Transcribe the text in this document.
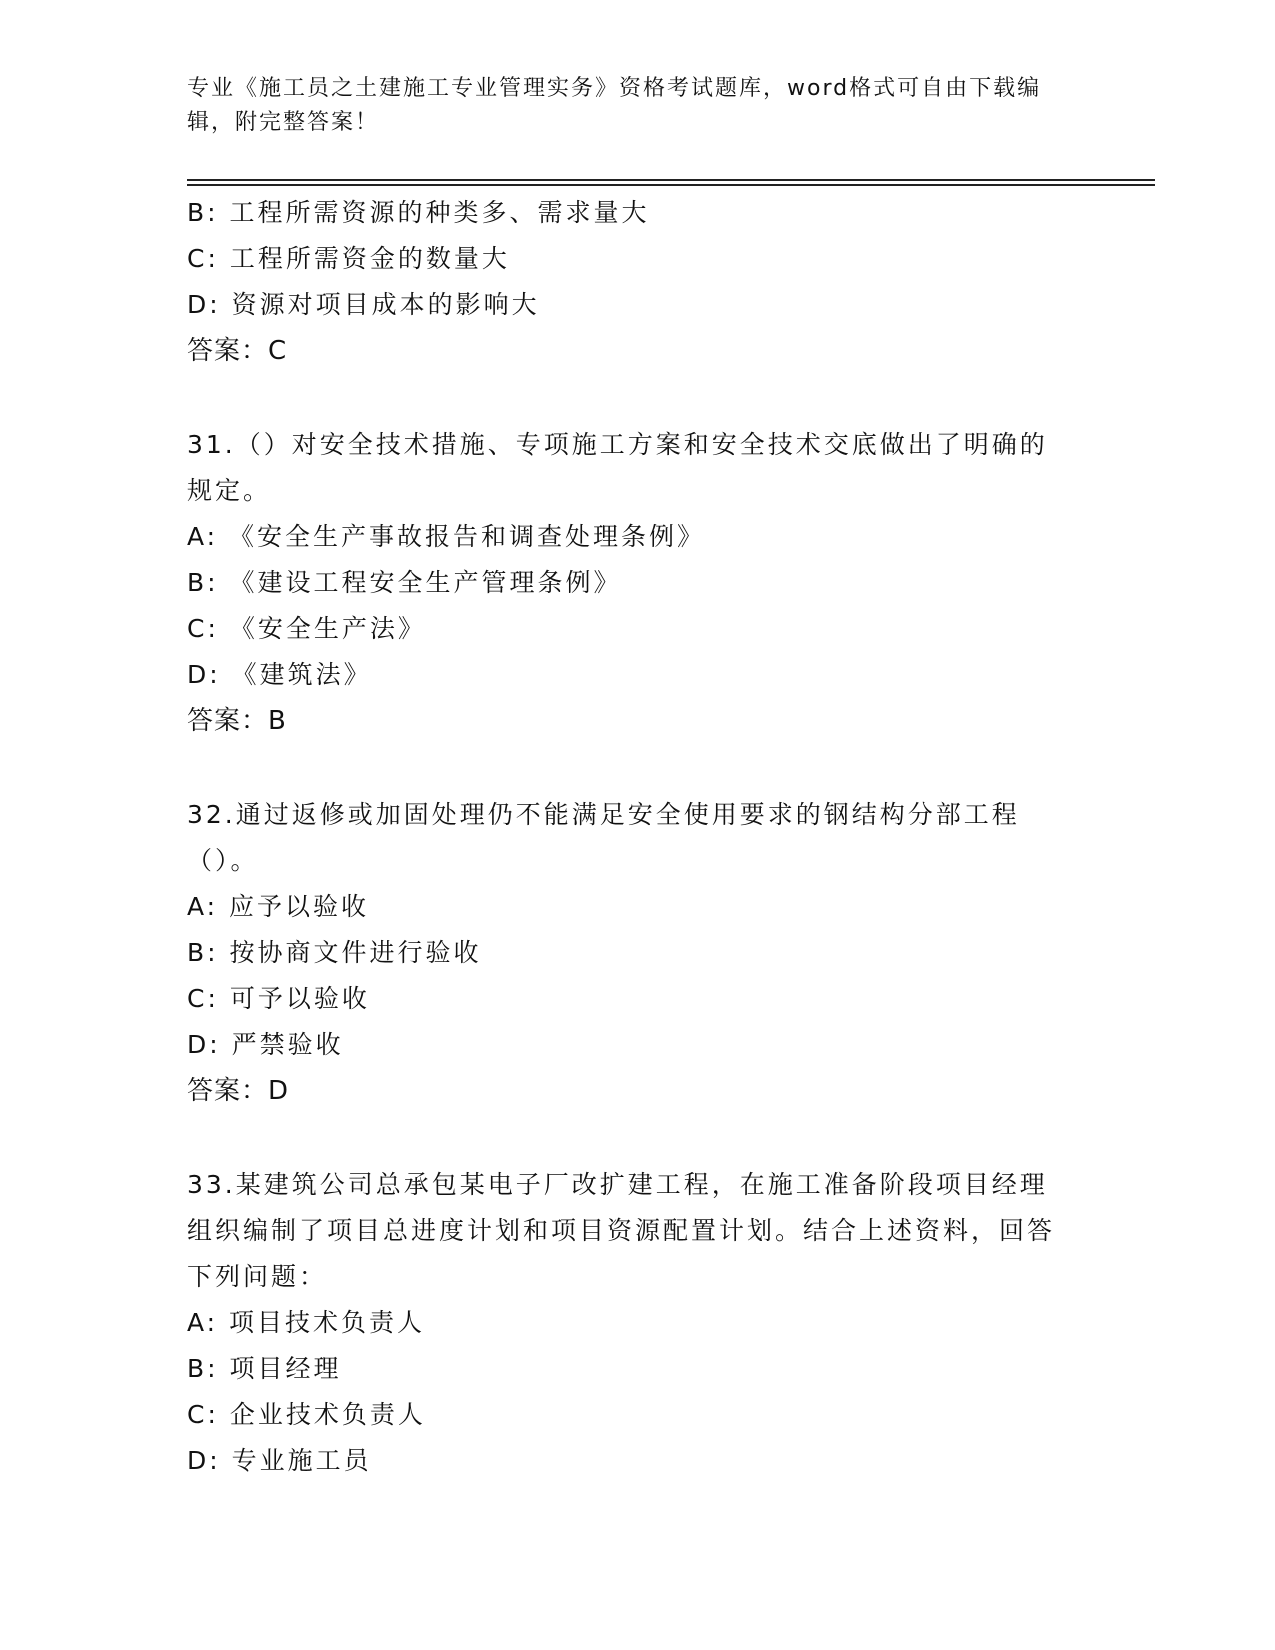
专业《施工员之土建施工专业管理实务》资格考试题库，word格式可自由下载编辑，附完整答案！
B: 工程所需资源的种类多、需求量大
C: 工程所需资金的数量大
D: 资源对项目成本的影响大
答案：C
31.（）对安全技术措施、专项施工方案和安全技术交底做出了明确的规定。
A: 《安全生产事故报告和调查处理条例》
B: 《建设工程安全生产管理条例》
C: 《安全生产法》
D: 《建筑法》
答案：B
32.通过返修或加固处理仍不能满足安全使用要求的钢结构分部工程（）。
A: 应予以验收
B: 按协商文件进行验收
C: 可予以验收
D: 严禁验收
答案：D
33.某建筑公司总承包某电子厂改扩建工程，在施工准备阶段项目经理组织编制了项目总进度计划和项目资源配置计划。结合上述资料，回答下列问题：
A: 项目技术负责人
B: 项目经理
C: 企业技术负责人
D: 专业施工员
